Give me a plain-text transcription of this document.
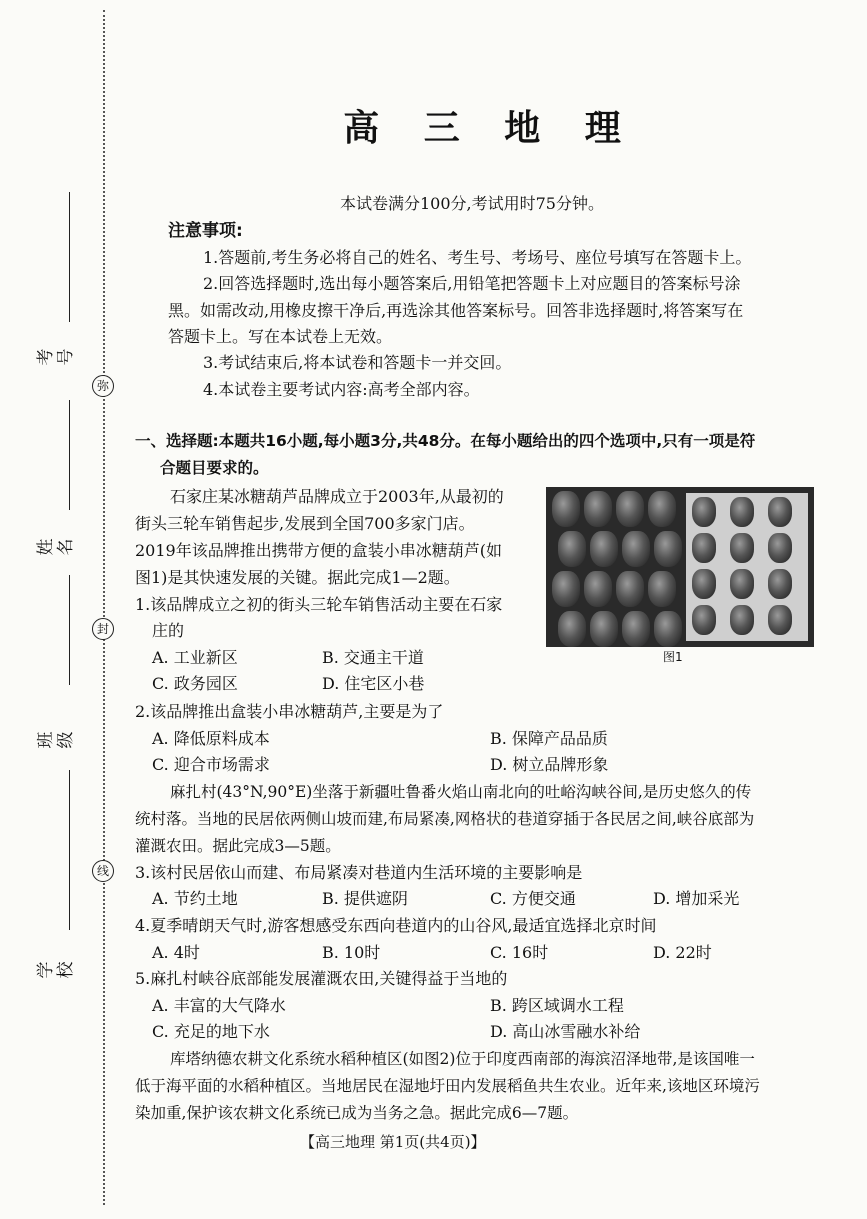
弥
封
线
考号
姓名
班级
学校
高 三 地 理
本试卷满分100分,考试用时75分钟。
注意事项:
1.答题前,考生务必将自己的姓名、考生号、考场号、座位号填写在答题卡上。
2.回答选择题时,选出每小题答案后,用铅笔把答题卡上对应题目的答案标号涂
黑。如需改动,用橡皮擦干净后,再选涂其他答案标号。回答非选择题时,将答案写在
答题卡上。写在本试卷上无效。
3.考试结束后,将本试卷和答题卡一并交回。
4.本试卷主要考试内容:高考全部内容。
一、选择题:本题共16小题,每小题3分,共48分。在每小题给出的四个选项中,只有一项是符
合题目要求的。
石家庄某冰糖葫芦品牌成立于2003年,从最初的
街头三轮车销售起步,发展到全国700多家门店。
2019年该品牌推出携带方便的盒装小串冰糖葫芦(如
图1)是其快速发展的关键。据此完成1—2题。
图1
1.该品牌成立之初的街头三轮车销售活动主要在石家
庄的
A. 工业新区	B. 交通主干道
C. 政务园区	D. 住宅区小巷
2.该品牌推出盒装小串冰糖葫芦,主要是为了
A. 降低原料成本	B. 保障产品品质
C. 迎合市场需求	D. 树立品牌形象
麻扎村(43°N,90°E)坐落于新疆吐鲁番火焰山南北向的吐峪沟峡谷间,是历史悠久的传
统村落。当地的民居依两侧山坡而建,布局紧凑,网格状的巷道穿插于各民居之间,峡谷底部为
灌溉农田。据此完成3—5题。
3.该村民居依山而建、布局紧凑对巷道内生活环境的主要影响是
A. 节约土地	B. 提供遮阴	C. 方便交通	D. 增加采光
4.夏季晴朗天气时,游客想感受东西向巷道内的山谷风,最适宜选择北京时间
A. 4时	B. 10时	C. 16时	D. 22时
5.麻扎村峡谷底部能发展灌溉农田,关键得益于当地的
A. 丰富的大气降水	B. 跨区域调水工程
C. 充足的地下水	D. 高山冰雪融水补给
库塔纳德农耕文化系统水稻种植区(如图2)位于印度西南部的海滨沼泽地带,是该国唯一
低于海平面的水稻种植区。当地居民在湿地圩田内发展稻鱼共生农业。近年来,该地区环境污
染加重,保护该农耕文化系统已成为当务之急。据此完成6—7题。
【高三地理 第1页(共4页)】
